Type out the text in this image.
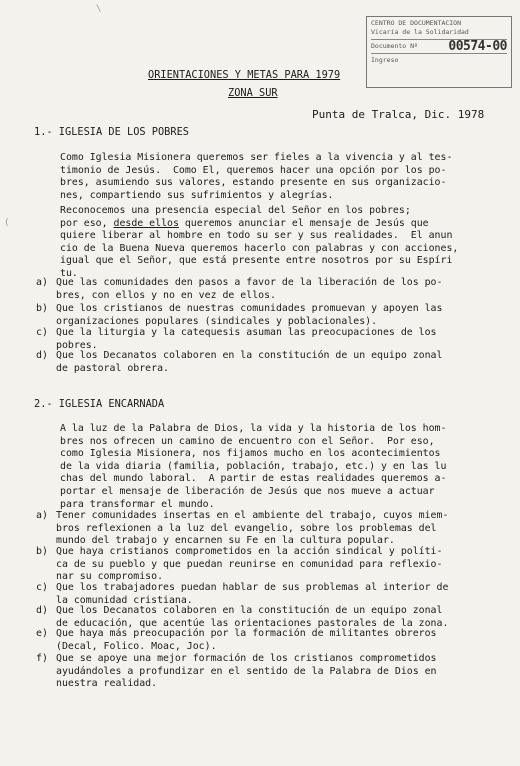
CENTRO DE DOCUMENTACION
Vicaría de la Solidaridad
Documento Nº	00574-00
Ingreso
ORIENTACIONES Y METAS PARA 1979
ZONA SUR
Punta de Tralca, Dic. 1978
1.- IGLESIA DE LOS POBRES
Como Iglesia Misionera queremos ser fieles a la vivencia y al tes-
timonio de Jesús.  Como El, queremos hacer una opción por los po-
bres, asumiendo sus valores, estando presente en sus organizacio-
nes, compartiendo sus sufrimientos y alegrías.
Reconocemos una presencia especial del Señor en los pobres;
por eso, desde ellos queremos anunciar el mensaje de Jesús que
quiere liberar al hombre en todo su ser y sus realidades.  El anun
cio de la Buena Nueva queremos hacerlo con palabras y con acciones,
igual que el Señor, que está presente entre nosotros por su Espíri
tu.
a) Que las comunidades den pasos a favor de la liberación de los po-
bres, con ellos y no en vez de ellos.
b) Que los cristianos de nuestras comunidades promuevan y apoyen las
organizaciones populares (sindicales y poblacionales).
c) Que la liturgia y la catequesis asuman las preocupaciones de los
pobres.
d) Que los Decanatos colaboren en la constitución de un equipo zonal
de pastoral obrera.
2.- IGLESIA ENCARNADA
A la luz de la Palabra de Dios, la vida y la historia de los hom-
bres nos ofrecen un camino de encuentro con el Señor.  Por eso,
como Iglesia Misionera, nos fijamos mucho en los acontecimientos
de la vida diaria (familia, población, trabajo, etc.) y en las lu
chas del mundo laboral.  A partir de estas realidades queremos a-
portar el mensaje de liberación de Jesús que nos mueve a actuar
para transformar el mundo.
a) Tener comunidades insertas en el ambiente del trabajo, cuyos miem-
bros reflexionen a la luz del evangelio, sobre los problemas del
mundo del trabajo y encarnen su Fe en la cultura popular.
b) Que haya cristianos comprometidos en la acción sindical y políti-
ca de su pueblo y que puedan reunirse en comunidad para reflexio-
nar su compromiso.
c) Que los trabajadores puedan hablar de sus problemas al interior de
la comunidad cristiana.
d) Que los Decanatos colaboren en la constitución de un equipo zonal
de educación, que acentúe las orientaciones pastorales de la zona.
e) Que haya más preocupación por la formación de militantes obreros
(Decal, Folico. Moac, Joc).
f) Que se apoye una mejor formación de los cristianos comprometidos
ayudándoles a profundizar en el sentido de la Palabra de Dios en
nuestra realidad.
(
\
